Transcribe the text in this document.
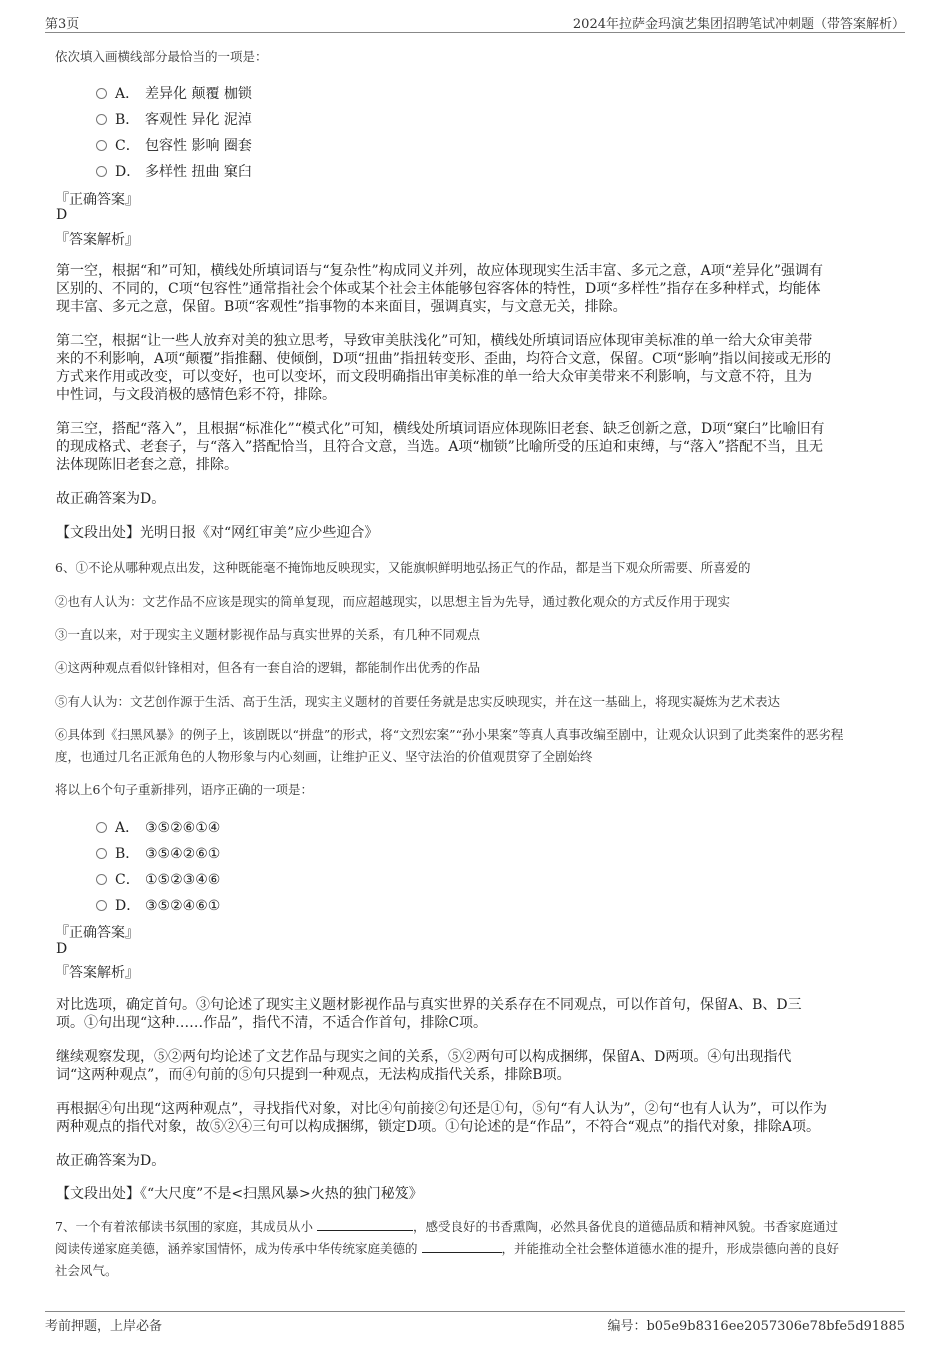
第3页	2024年拉萨金玛演艺集团招聘笔试冲刺题（带答案解析）
依次填入画横线部分最恰当的一项是：
A． 差异化 颠覆 枷锁
B． 客观性 异化 泥淖
C． 包容性 影响 圈套
D． 多样性 扭曲 窠臼
『正确答案』
D
『答案解析』
第一空，根据“和”可知，横线处所填词语与“复杂性”构成同义并列，故应体现现实生活丰富、多元之意，A项“差异化”强调有
区别的、不同的，C项“包容性”通常指社会个体或某个社会主体能够包容客体的特性，D项“多样性”指存在多种样式，均能体
现丰富、多元之意，保留。B项“客观性”指事物的本来面目，强调真实，与文意无关，排除。
第二空，根据“让一些人放弃对美的独立思考，导致审美肤浅化”可知，横线处所填词语应体现审美标准的单一给大众审美带
来的不利影响，A项“颠覆”指推翻、使倾倒，D项“扭曲”指扭转变形、歪曲，均符合文意，保留。C项“影响”指以间接或无形的
方式来作用或改变，可以变好，也可以变坏，而文段明确指出审美标准的单一给大众审美带来不利影响，与文意不符，且为
中性词，与文段消极的感情色彩不符，排除。
第三空，搭配“落入”，且根据“标准化”“模式化”可知，横线处所填词语应体现陈旧老套、缺乏创新之意，D项“窠臼”比喻旧有
的现成格式、老套子，与“落入”搭配恰当，且符合文意，当选。A项“枷锁”比喻所受的压迫和束缚，与“落入”搭配不当，且无
法体现陈旧老套之意，排除。
故正确答案为D。
【文段出处】光明日报《对“网红审美”应少些迎合》
6、①不论从哪种观点出发，这种既能毫不掩饰地反映现实，又能旗帜鲜明地弘扬正气的作品，都是当下观众所需要、所喜爱的
②也有人认为：文艺作品不应该是现实的简单复现，而应超越现实，以思想主旨为先导，通过教化观众的方式反作用于现实
③一直以来，对于现实主义题材影视作品与真实世界的关系，有几种不同观点
④这两种观点看似针锋相对，但各有一套自洽的逻辑，都能制作出优秀的作品
⑤有人认为：文艺创作源于生活、高于生活，现实主义题材的首要任务就是忠实反映现实，并在这一基础上，将现实凝炼为艺术表达
⑥具体到《扫黑风暴》的例子上，该剧既以“拼盘”的形式，将“文烈宏案”“孙小果案”等真人真事改编至剧中，让观众认识到了此类案件的恶劣程
度，也通过几名正派角色的人物形象与内心刻画，让维护正义、坚守法治的价值观贯穿了全剧始终
将以上6个句子重新排列，语序正确的一项是：
A． ③⑤②⑥①④
B． ③⑤④②⑥①
C． ①⑤②③④⑥
D． ③⑤②④⑥①
『正确答案』
D
『答案解析』
对比选项，确定首句。③句论述了现实主义题材影视作品与真实世界的关系存在不同观点，可以作首句，保留A、B、D三
项。①句出现“这种……作品”，指代不清，不适合作首句，排除C项。
继续观察发现，⑤②两句均论述了文艺作品与现实之间的关系，⑤②两句可以构成捆绑，保留A、D两项。④句出现指代
词“这两种观点”，而④句前的⑤句只提到一种观点，无法构成指代关系，排除B项。
再根据④句出现“这两种观点”，寻找指代对象，对比④句前接②句还是①句，⑤句“有人认为”，②句“也有人认为”，可以作为
两种观点的指代对象，故⑤②④三句可以构成捆绑，锁定D项。①句论述的是“作品”，不符合“观点”的指代对象，排除A项。
故正确答案为D。
【文段出处】《“大尺度”不是<扫黑风暴>火热的独门秘笈》
7、一个有着浓郁读书氛围的家庭，其成员从小	，感受良好的书香熏陶，必然具备优良的道德品质和精神风貌。书香家庭通过
阅读传递家庭美德，涵养家国情怀，成为传承中华传统家庭美德的	，并能推动全社会整体道德水准的提升，形成崇德向善的良好
社会风气。
考前押题，上岸必备	编号：b05e9b8316ee2057306e78bfe5d91885
